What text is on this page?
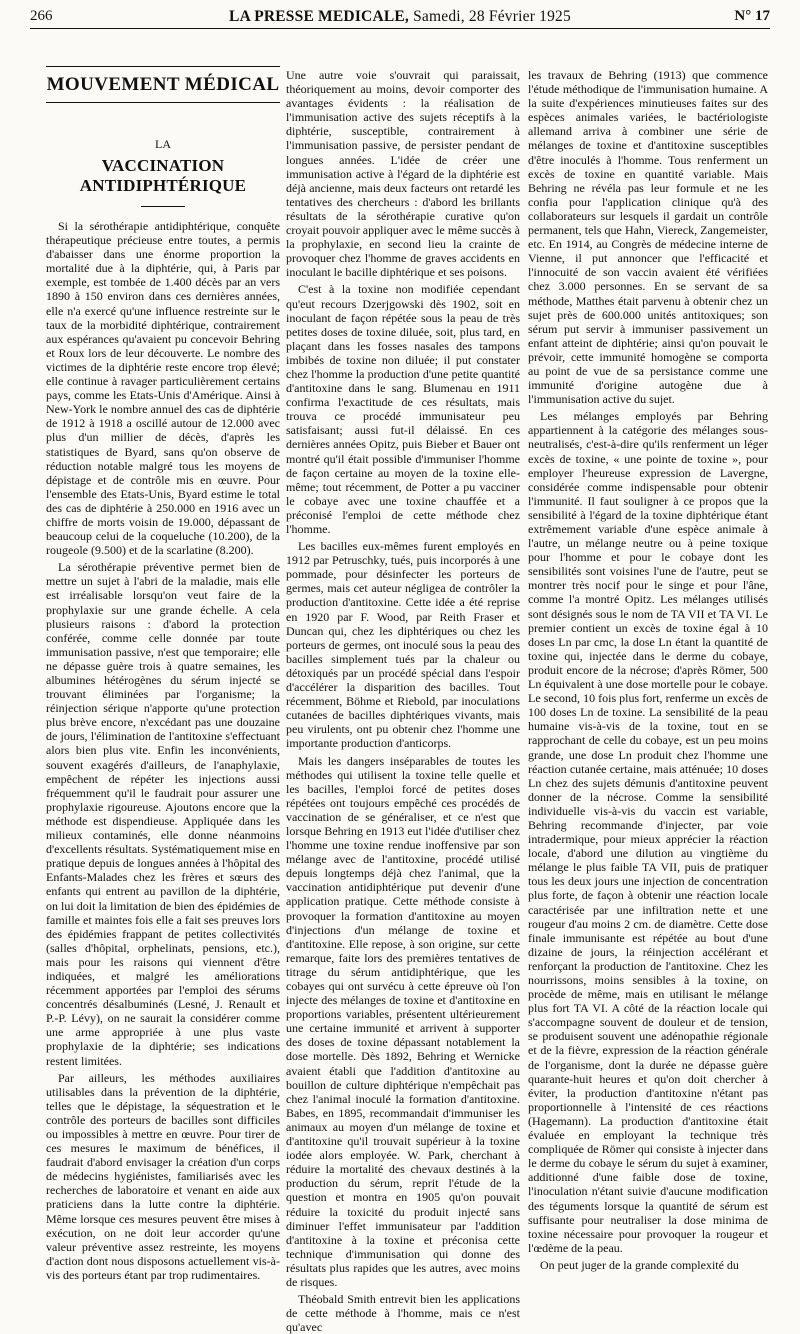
266	LA PRESSE MEDICALE, Samedi, 28 Février 1925	N° 17
MOUVEMENT MÉDICAL
LA
VACCINATION ANTIDIPHTÉRIQUE

Si la sérothérapie antidiphtérique, conquête thérapeutique précieuse entre toutes, a permis d'abaisser dans une énorme proportion la mortalité due à la diphtérie, qui, à Paris par exemple, est tombée de 1.400 décès par an vers 1890 à 150 environ dans ces dernières années, elle n'a exercé qu'une influence restreinte sur le taux de la morbidité diphtérique, contrairement aux espérances qu'avaient pu concevoir Behring et Roux lors de leur découverte. Le nombre des victimes de la diphtérie reste encore trop élevé; elle continue à ravager particulièrement certains pays, comme les Etats-Unis d'Amérique. Ainsi à New-York le nombre annuel des cas de diphtérie de 1912 à 1918 a oscillé autour de 12.000 avec plus d'un millier de décès, d'après les statistiques de Byard, sans qu'on observe de réduction notable malgré tous les moyens de dépistage et de contrôle mis en œuvre. Pour l'ensemble des Etats-Unis, Byard estime le total des cas de diphtérie à 250.000 en 1916 avec un chiffre de morts voisin de 19.000, dépassant de beaucoup celui de la coqueluche (10.200), de la rougeole (9.500) et de la scarlatine (8.200).

La sérothérapie préventive permet bien de mettre un sujet à l'abri de la maladie, mais elle est irréalisable lorsqu'on veut faire de la prophylaxie sur une grande échelle. A cela plusieurs raisons : d'abord la protection conférée, comme celle donnée par toute immunisation passive, n'est que temporaire; elle ne dépasse guère trois à quatre semaines, les albumines hétérogènes du sérum injecté se trouvant éliminées par l'organisme; la réinjection sérique n'apporte qu'une protection plus brève encore, n'excédant pas une douzaine de jours, l'élimination de l'antitoxine s'effectuant alors bien plus vite. Enfin les inconvénients, souvent exagérés d'ailleurs, de l'anaphylaxie, empêchent de répéter les injections aussi fréquemment qu'il le faudrait pour assurer une prophylaxie rigoureuse. Ajoutons encore que la méthode est dispendieuse. Appliquée dans les milieux contaminés, elle donne néanmoins d'excellents résultats. Systématiquement mise en pratique depuis de longues années à l'hôpital des Enfants-Malades chez les frères et sœurs des enfants qui entrent au pavillon de la diphtérie, on lui doit la limitation de bien des épidémies de famille et maintes fois elle a fait ses preuves lors des épidémies frappant de petites collectivités (salles d'hôpital, orphelinats, pensions, etc.), mais pour les raisons qui viennent d'être indiquées, et malgré les améliorations récemment apportées par l'emploi des sérums concentrés désalbuminés (Lesné, J. Renault et P.-P. Lévy), on ne saurait la considérer comme une arme appropriée à une plus vaste prophylaxie de la diphtérie; ses indications restent limitées.

Par ailleurs, les méthodes auxiliaires utilisables dans la prévention de la diphtérie, telles que le dépistage, la séquestration et le contrôle des porteurs de bacilles sont difficiles ou impossibles à mettre en œuvre. Pour tirer de ces mesures le maximum de bénéfices, il faudrait d'abord envisager la création d'un corps de médecins hygiénistes, familiarisés avec les recherches de laboratoire et venant en aide aux praticiens dans la lutte contre la diphtérie. Même lorsque ces mesures peuvent être mises à exécution, on ne doit leur accorder qu'une valeur préventive assez restreinte, les moyens d'action dont nous disposons actuellement vis-à-vis des porteurs étant par trop rudimentaires.

Une autre voie s'ouvrait qui paraissait, théoriquement au moins, devoir comporter des avantages évidents : la réalisation de l'immunisation active des sujets réceptifs à la diphtérie, susceptible, contrairement à l'immunisation passive, de persister pendant de longues années. L'idée de créer une immunisation active à l'égard de la diphtérie est déjà ancienne, mais deux facteurs ont retardé les tentatives des chercheurs : d'abord les brillants résultats de la sérothérapie curative qu'on croyait pouvoir appliquer avec le même succès à la prophylaxie, en second lieu la crainte de provoquer chez l'homme de graves accidents en inoculant le bacille diphtérique et ses poisons.

C'est à la toxine non modifiée cependant qu'eut recours Dzerjgowski dès 1902, soit en inoculant de façon répétée sous la peau de très petites doses de toxine diluée, soit, plus tard, en plaçant dans les fosses nasales des tampons imbibés de toxine non diluée; il put constater chez l'homme la production d'une petite quantité d'antitoxine dans le sang. Blumenau en 1911 confirma l'exactitude de ces résultats, mais trouva ce procédé immunisateur peu satisfaisant; aussi fut-il délaissé. En ces dernières années Opitz, puis Bieber et Bauer ont montré qu'il était possible d'immuniser l'homme de façon certaine au moyen de la toxine elle-même; tout récemment, de Potter a pu vacciner le cobaye avec une toxine chauffée et a préconisé l'emploi de cette méthode chez l'homme.

Les bacilles eux-mêmes furent employés en 1912 par Petruschky, tués, puis incorporés à une pommade, pour désinfecter les porteurs de germes, mais cet auteur négligea de contrôler la production d'antitoxine. Cette idée a été reprise en 1920 par F. Wood, par Reith Fraser et Duncan qui, chez les diphtériques ou chez les porteurs de germes, ont inoculé sous la peau des bacilles simplement tués par la chaleur ou détoxiqués par un procédé spécial dans l'espoir d'accélérer la disparition des bacilles. Tout récemment, Böhme et Riebold, par inoculations cutanées de bacilles diphtériques vivants, mais peu virulents, ont pu obtenir chez l'homme une importante production d'anticorps.

Mais les dangers inséparables de toutes les méthodes qui utilisent la toxine telle quelle et les bacilles, l'emploi forcé de petites doses répétées ont toujours empêché ces procédés de vaccination de se généraliser, et ce n'est que lorsque Behring en 1913 eut l'idée d'utiliser chez l'homme une toxine rendue inoffensive par son mélange avec de l'antitoxine, procédé utilisé depuis longtemps déjà chez l'animal, que la vaccination antidiphtérique put devenir d'une application pratique. Cette méthode consiste à provoquer la formation d'antitoxine au moyen d'injections d'un mélange de toxine et d'antitoxine. Elle repose, à son origine, sur cette remarque, faite lors des premières tentatives de titrage du sérum antidiphtérique, que les cobayes qui ont survécu à cette épreuve où l'on injecte des mélanges de toxine et d'antitoxine en proportions variables, présentent ultérieurement une certaine immunité et arrivent à supporter des doses de toxine dépassant notablement la dose mortelle. Dès 1892, Behring et Wernicke avaient établi que l'addition d'antitoxine au bouillon de culture diphtérique n'empêchait pas chez l'animal inoculé la formation d'antitoxine. Babes, en 1895, recommandait d'immuniser les animaux au moyen d'un mélange de toxine et d'antitoxine qu'il trouvait supérieur à la toxine iodée alors employée. W. Park, cherchant à réduire la mortalité des chevaux destinés à la production du sérum, reprit l'étude de la question et montra en 1905 qu'on pouvait réduire la toxicité du produit injecté sans diminuer l'effet immunisateur par l'addition d'antitoxine à la toxine et préconisa cette technique d'immunisation qui donne des résultats plus rapides que les autres, avec moins de risques.

Théobald Smith entrevit bien les applications de cette méthode à l'homme, mais ce n'est qu'avec

les travaux de Behring (1913) que commence l'étude méthodique de l'immunisation humaine. A la suite d'expériences minutieuses faites sur des espèces animales variées, le bactériologiste allemand arriva à combiner une série de mélanges de toxine et d'antitoxine susceptibles d'être inoculés à l'homme. Tous renferment un excès de toxine en quantité variable. Mais Behring ne révéla pas leur formule et ne les confia pour l'application clinique qu'à des collaborateurs sur lesquels il gardait un contrôle permanent, tels que Hahn, Viereck, Zangemeister, etc. En 1914, au Congrès de médecine interne de Vienne, il put annoncer que l'efficacité et l'innocuité de son vaccin avaient été vérifiées chez 3.000 personnes. En se servant de sa méthode, Matthes était parvenu à obtenir chez un sujet près de 600.000 unités antitoxiques; son sérum put servir à immuniser passivement un enfant atteint de diphtérie; ainsi qu'on pouvait le prévoir, cette immunité homogène se comporta au point de vue de sa persistance comme une immunité d'origine autogène due à l'immunisation active du sujet.

Les mélanges employés par Behring appartiennent à la catégorie des mélanges sous-neutralisés, c'est-à-dire qu'ils renferment un léger excès de toxine, « une pointe de toxine », pour employer l'heureuse expression de Lavergne, considérée comme indispensable pour obtenir l'immunité. Il faut souligner à ce propos que la sensibilité à l'égard de la toxine diphtérique étant extrêmement variable d'une espèce animale à l'autre, un mélange neutre ou à peine toxique pour l'homme et pour le cobaye dont les sensibilités sont voisines l'une de l'autre, peut se montrer très nocif pour le singe et pour l'âne, comme l'a montré Opitz. Les mélanges utilisés sont désignés sous le nom de TA VII et TA VI. Le premier contient un excès de toxine égal à 10 doses Ln par cmc, la dose Ln étant la quantité de toxine qui, injectée dans le derme du cobaye, produit encore de la nécrose; d'après Römer, 500 Ln équivalent à une dose mortelle pour le cobaye. Le second, 10 fois plus fort, renferme un excès de 100 doses Ln de toxine. La sensibilité de la peau humaine vis-à-vis de la toxine, tout en se rapprochant de celle du cobaye, est un peu moins grande, une dose Ln produit chez l'homme une réaction cutanée certaine, mais atténuée; 10 doses Ln chez des sujets démunis d'antitoxine peuvent donner de la nécrose. Comme la sensibilité individuelle vis-à-vis du vaccin est variable, Behring recommande d'injecter, par voie intradermique, pour mieux apprécier la réaction locale, d'abord une dilution au vingtième du mélange le plus faible TA VII, puis de pratiquer tous les deux jours une injection de concentration plus forte, de façon à obtenir une réaction locale caractérisée par une infiltration nette et une rougeur d'au moins 2 cm. de diamètre. Cette dose finale immunisante est répétée au bout d'une dizaine de jours, la réinjection accélérant et renforçant la production de l'antitoxine. Chez les nourrissons, moins sensibles à la toxine, on procède de même, mais en utilisant le mélange plus fort TA VI. A côté de la réaction locale qui s'accompagne souvent de douleur et de tension, se produisent souvent une adénopathie régionale et de la fièvre, expression de la réaction générale de l'organisme, dont la durée ne dépasse guère quarante-huit heures et qu'on doit chercher à éviter, la production d'antitoxine n'étant pas proportionnelle à l'intensité de ces réactions (Hagemann). La production d'antitoxine était évaluée en employant la technique très compliquée de Römer qui consiste à injecter dans le derme du cobaye le sérum du sujet à examiner, additionné d'une faible dose de toxine, l'inoculation n'étant suivie d'aucune modification des téguments lorsque la quantité de sérum est suffisante pour neutraliser la dose minima de toxine nécessaire pour provoquer la rougeur et l'œdème de la peau.

On peut juger de la grande complexité du
